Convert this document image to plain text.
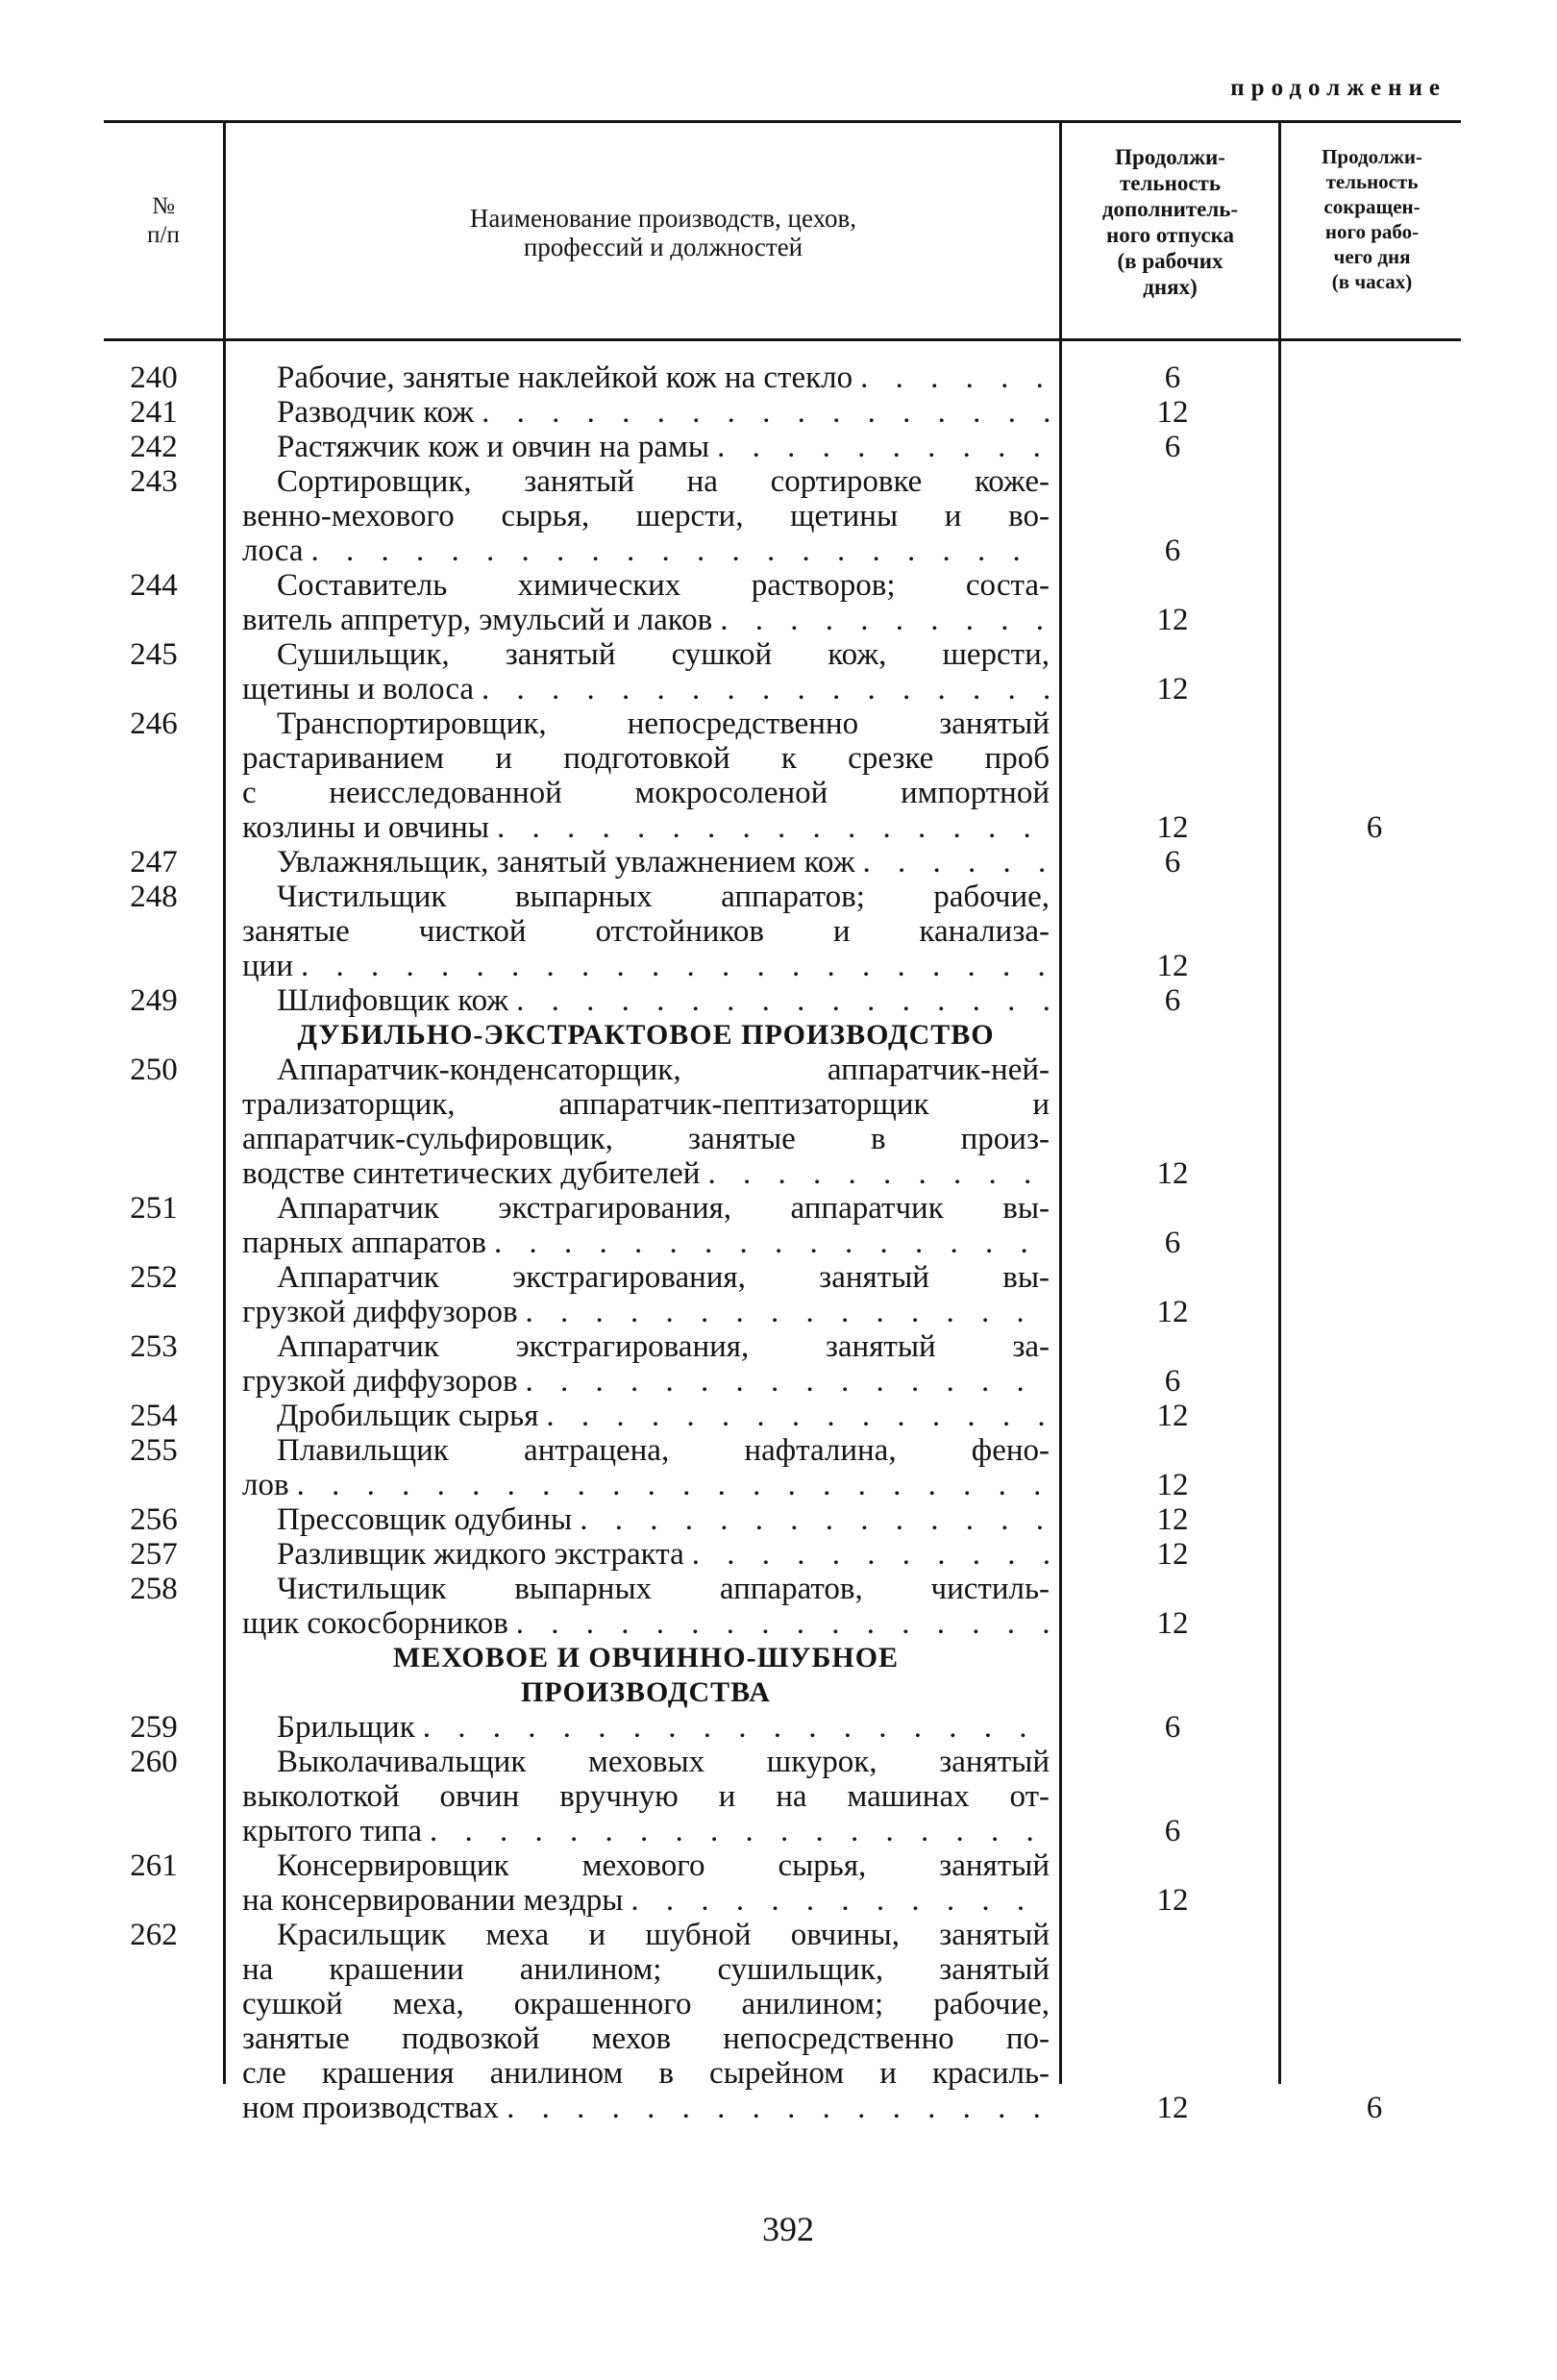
продолжение
№
п/п
Наименование производств, цехов,
профессий и должностей
Продолжи-
тельность
дополнитель-
ного отпуска
(в рабочих
днях)
Продолжи-
тельность
сокращен-
ного рабо-
чего дня
(в часах)
240	Рабочие, занятые наклейкой кож на стекло . . .	6
241	Разводчик кож . . .	12
242	Растяжчик кож и овчин на рамы . . .	6
243	Сортировщик, занятый на сортировке коже-
венно-мехового сырья, шерсти, щетины и во-
лоса . . .	6
244	Составитель химических растворов; соста-
витель аппретур, эмульсий и лаков . . .	12
245	Сушильщик, занятый сушкой кож, шерсти,
щетины и волоса . . .	12
246	Транспортировщик, непосредственно занятый
растариванием и подготовкой к срезке проб
с неисследованной мокросоленой импортной
козлины и овчины . . .	12	6
247	Увлажняльщик, занятый увлажнением кож . . .	6
248	Чистильщик выпарных аппаратов; рабочие,
занятые чисткой отстойников и канализа-
ции . . .	12
249	Шлифовщик кож . . .	6
ДУБИЛЬНО-ЭКСТРАКТОВОЕ ПРОИЗВОДСТВО
250	Аппаратчик-конденсаторщик, аппаратчик-ней-
трализаторщик, аппаратчик-пептизаторщик и
аппаратчик-сульфировщик, занятые в произ-
водстве синтетических дубителей . . .	12
251	Аппаратчик экстрагирования, аппаратчик вы-
парных аппаратов . . .	6
252	Аппаратчик экстрагирования, занятый вы-
грузкой диффузоров . . .	12
253	Аппаратчик экстрагирования, занятый за-
грузкой диффузоров . . .	6
254	Дробильщик сырья . . .	12
255	Плавильщик антрацена, нафталина, фено-
лов . . .	12
256	Прессовщик одубины . . .	12
257	Разливщик жидкого экстракта . . .	12
258	Чистильщик выпарных аппаратов, чистиль-
щик сокосборников . . .	12
МЕХОВОЕ И ОВЧИННО-ШУБНОЕ
ПРОИЗВОДСТВА
259	Брильщик . . .	6
260	Выколачивальщик меховых шкурок, занятый
выколоткой овчин вручную и на машинах от-
крытого типа . . .	6
261	Консервировщик мехового сырья, занятый
на консервировании мездры . . .	12
262	Красильщик меха и шубной овчины, занятый
на крашении анилином; сушильщик, занятый
сушкой меха, окрашенного анилином; рабочие,
занятые подвозкой мехов непосредственно по-
сле крашения анилином в сырейном и красиль-
ном производствах . . .	12	6
392
